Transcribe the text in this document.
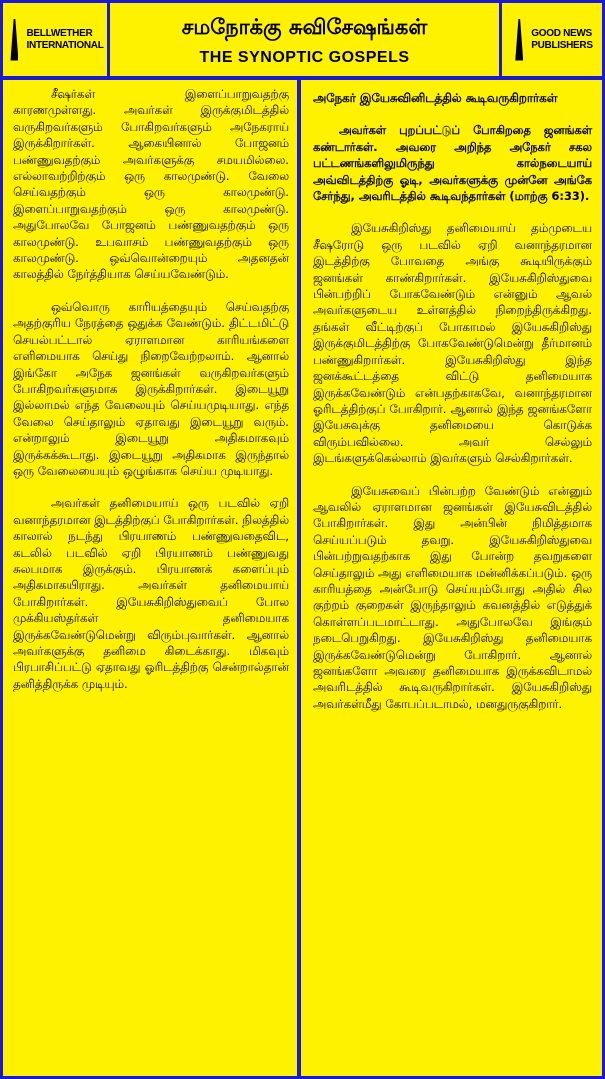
BELLWETHER
INTERNATIONAL
சமநோக்கு சுவிசேஷங்கள்
THE SYNOPTIC GOSPELS
GOOD NEWS
PUBLISHERS

சீஷர்கள் இளைப்பாறுவதற்கு காரணமுள்ளது. அவர்கள் இருக்குமிடத்தில் வருகிறவர்களும் போகிறவர்களும் அநேகராய் இருக்கிறார்கள். ஆகையினால் போஜனம் பண்ணுவதற்கும் அவர்களுக்கு சமயமில்லை. எல்லாவற்றிற்கும் ஒரு காலமுண்டு. வேலை செய்வதற்கும் ஒரு காலமுண்டு. இளைப்பாறுவதற்கும் ஒரு காலமுண்டு. அதுபோலவே போஜனம் பண்ணுவதற்கும் ஒரு காலமுண்டு. உபவாசம் பண்ணுவதற்கும் ஒரு காலமுண்டு. ஒவ்வொன்றையும் அதனதன் காலத்தில் நேர்த்தியாக செய்யவேண்டும்.

ஒவ்வொரு காரியத்தையும் செய்வதற்கு அதற்குரிய நேரத்தை ஒதுக்க வேண்டும். திட்டமிட்டு செயல்பட்டால் ஏராளமான காரியங்களை எளிமையாக செய்து நிறைவேற்றலாம். ஆனால் இங்கோ அநேக ஜனங்கள் வருகிறவர்களும் போகிறவர்களுமாக இருக்கிறார்கள். இடையூறு இல்லாமல் எந்த வேலையும் செய்யமுடியாது. எந்த வேலை செய்தாலும் ஏதாவது இடையூறு வரும். என்றாலும் இடையூறு அதிகமாகவும் இருக்கக்கூடாது. இடையூறு அதிகமாக இருந்தால் ஒரு வேலையையும் ஒழுங்காக செய்ய முடியாது.

அவர்கள் தனிமையாய் ஒரு படவில் ஏறி வனாந்தரமான இடத்திற்குப் போகிறார்கள். நிலத்தில் காலால் நடந்து பிரயாணம் பண்ணுவதைவிட, கடலில் படவில் ஏறி பிரயாணம் பண்ணுவது சுலபமாக இருக்கும். பிரயாணக் களைப்பும் அதிகமாகயிராது. அவர்கள் தனிமையாய் போகிறார்கள். இயேசுகிறிஸ்துவைப் போல முக்கியஸ்தர்கள் தனிமையாக இருக்கவேண்டுமென்று விரும்புவார்கள். ஆனால் அவர்களுக்கு தனிமை கிடைக்காது. மிகவும் பிரபாசிப்பட்டு ஏதாவது ஓரிடத்திற்கு சென்றால்தான் தனித்திருக்க முடியும்.

அநேகர் இயேசுவினிடத்தில் கூடிவருகிறார்கள்

அவர்கள் புறப்பட்டுப் போகிறதை ஜனங்கள் கண்டார்கள். அவரை அறிந்த அநேகர் சகல பட்டணங்களிலுமிருந்து கால்நடையாய் அவ்விடத்திற்கு ஓடி, அவர்களுக்கு முன்னே அங்கே சேர்ந்து, அவரிடத்தில் கூடிவந்தார்கள் (மாற்கு 6:33).

இயேசுகிறிஸ்து தனிமையாய் தம்முடைய சீஷரோடு ஒரு படவில் ஏறி வனாந்தரமான இடத்திற்கு போவதை அங்கு கூடியிருக்கும் ஜனங்கள் காண்கிறார்கள். இயேசுகிறிஸ்துவை பின்பற்றிப் போகவேண்டும் என்னும் ஆவல் அவர்களுடைய உள்ளத்தில் நிறைந்திருக்கிறது. தங்கள் வீட்டிற்குப் போகாமல் இயேசுகிறிஸ்து இருக்குமிடத்திற்கு போகவேண்டுமென்று தீர்மானம் பண்ணுகிறார்கள். இயேசுகிறிஸ்து இந்த ஜனக்கூட்டத்தை விட்டு தனிமையாக இருக்கவேண்டும் என்பதற்காகவே, வனாந்தரமான ஓரிடத்திற்குப் போகிறார். ஆனால் இந்த ஜனங்களோ இயேசுவுக்கு தனிமையை கொடுக்க விரும்பவில்லை. அவர் செல்லும் இடங்களுக்கெல்லாம் இவர்களும் செல்கிறார்கள்.

இயேசுவைப் பின்பற்ற வேண்டும் என்னும் ஆவலில் ஏராளமான ஜனங்கள் இயேசுவிடத்தில் போகிறார்கள். இது அன்பின் நிமித்தமாக செய்யப்படும் தவறு. இயேசுகிறிஸ்துவை பின்பற்றுவதற்காக இது போன்ற தவறுகளை செய்தாலும் அது எளிமையாக மன்னிக்கப்படும். ஒரு காரியத்தை அன்போடு செய்யும்போது அதில் சில குற்றம் குறைகள் இருந்தாலும் கவனத்தில் எடுத்துக் கொள்ளப்படமாட்டாது. அதுபோலவே இங்கும் நடைபெறுகிறது. இயேசுகிறிஸ்து தனிமையாக இருக்கவேண்டுமென்று போகிறார். ஆனால் ஜனங்களோ அவரை தனிமையாக இருக்கவிடாமல் அவரிடத்தில் கூடிவருகிறார்கள். இயேசுகிறிஸ்து அவர்கள்மீது கோபப்படாமல், மனதுருகுகிறார்.
